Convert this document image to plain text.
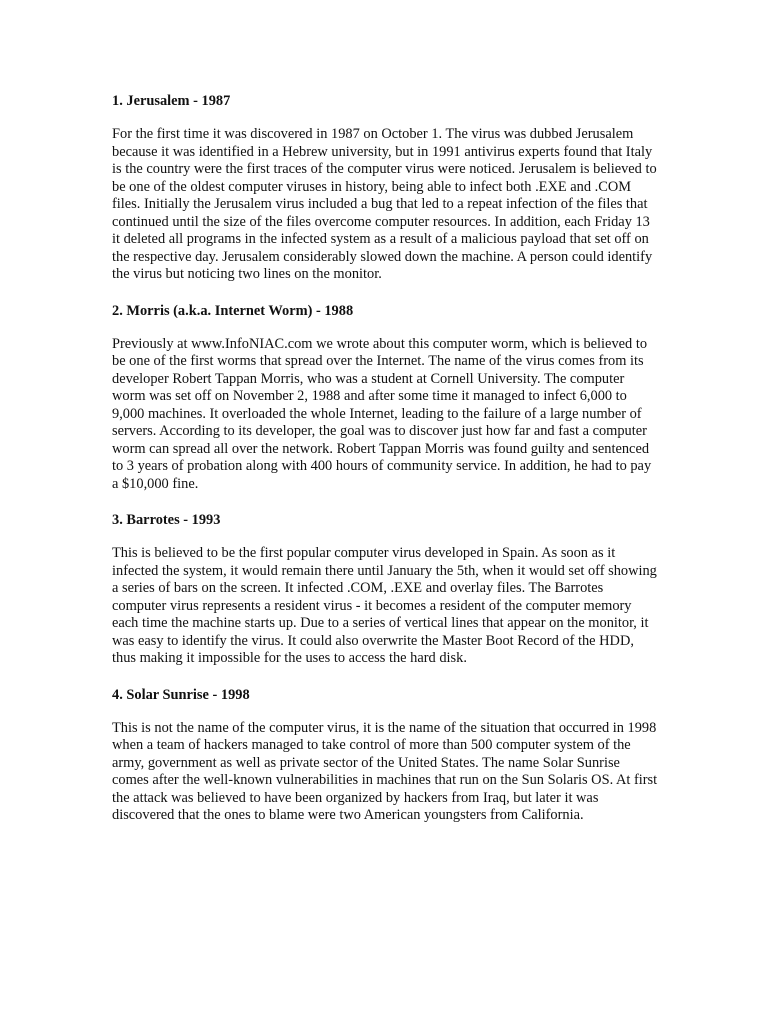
1. Jerusalem - 1987
For the first time it was discovered in 1987 on October 1. The virus was dubbed Jerusalem because it was identified in a Hebrew university, but in 1991 antivirus experts found that Italy is the country were the first traces of the computer virus were noticed. Jerusalem is believed to be one of the oldest computer viruses in history, being able to infect both .EXE and .COM files. Initially the Jerusalem virus included a bug that led to a repeat infection of the files that continued until the size of the files overcome computer resources. In addition, each Friday 13 it deleted all programs in the infected system as a result of a malicious payload that set off on the respective day. Jerusalem considerably slowed down the machine. A person could identify the virus but noticing two lines on the monitor.
2. Morris (a.k.a. Internet Worm) - 1988
Previously at www.InfoNIAC.com we wrote about this computer worm, which is believed to be one of the first worms that spread over the Internet. The name of the virus comes from its developer Robert Tappan Morris, who was a student at Cornell University. The computer worm was set off on November 2, 1988 and after some time it managed to infect 6,000 to 9,000 machines. It overloaded the whole Internet, leading to the failure of a large number of servers. According to its developer, the goal was to discover just how far and fast a computer worm can spread all over the network. Robert Tappan Morris was found guilty and sentenced to 3 years of probation along with 400 hours of community service. In addition, he had to pay a $10,000 fine.
3. Barrotes - 1993
This is believed to be the first popular computer virus developed in Spain. As soon as it infected the system, it would remain there until January the 5th, when it would set off showing a series of bars on the screen. It infected .COM, .EXE and overlay files. The Barrotes computer virus represents a resident virus - it becomes a resident of the computer memory each time the machine starts up. Due to a series of vertical lines that appear on the monitor, it was easy to identify the virus. It could also overwrite the Master Boot Record of the HDD, thus making it impossible for the uses to access the hard disk.
4. Solar Sunrise - 1998
This is not the name of the computer virus, it is the name of the situation that occurred in 1998 when a team of hackers managed to take control of more than 500 computer system of the army, government as well as private sector of the United States. The name Solar Sunrise comes after the well-known vulnerabilities in machines that run on the Sun Solaris OS. At first the attack was believed to have been organized by hackers from Iraq, but later it was discovered that the ones to blame were two American youngsters from California.
